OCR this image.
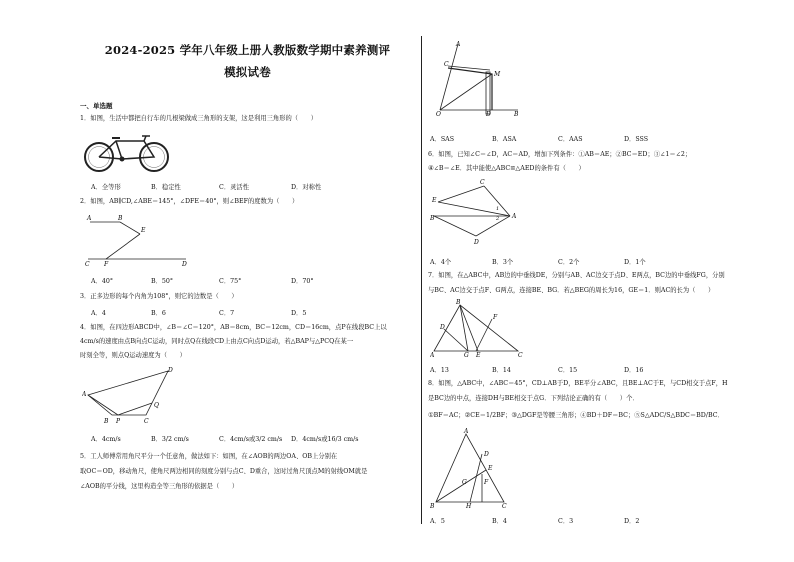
2024-2025 学年八年级上册人教版数学期中素养测评
模拟试卷
一、单选题
1．如图，生活中都把自行车的几根梁做成三角形的支架，这是利用三角形的（　　）
A．全等形	B．稳定性	C．灵活性	D．对称性
2．如图，AB∥CD,∠ABE＝145°，∠DFE＝40°，则∠BEF的度数为（　　）
A	B
E
C F	D
A．40°	B．50°	C．75°	D．70°
3．正多边形的每个内角为108°，则它的边数是（　　）
A．4	B．6	C．7	D．5
4．如图，在四边形ABCD中，∠B＝∠C＝120°，AB＝8cm，BC＝12cm，CD＝16cm，点P在线段BC上以
4cm/s的速度由点B向点C运动，同时点Q在线段CD上由点C向点D运动，若△BAP与△PCQ在某一
时刻全等，则点Q运动速度为（　　）
A
B P	C
Q
D
A．4cm/s	B．3/2 cm/s	C．4cm/s或3/2 cm/s	D．4cm/s或16/3 cm/s
5．工人师傅常用角尺平分一个任意角，做法如下：如图，在∠AOB的两边OA、OB上分别在
取OC＝OD，移动角尺，使角尺两边相同的刻度分别与点C、D重合，这时过角尺顶点M的射线OM就是
∠AOB的平分线，这里构造全等三角形的依据是（　　）
A
C
M
O	D	B
A．SAS	B．ASA	C．AAS	D．SSS
6．如图，已知∠C＝∠D，AC＝AD，增加下列条件：①AB＝AE；②BC＝ED；③∠1＝∠2；
④∠B＝∠E．其中能使△ABC≌△AED的条件有（　　）
C
E
B	A
D
1
2
A．4个	B．3个	C．2个	D．1个
7．如图，在△ABC中，AB边的中垂线DE，分别与AB、AC边交于点D、E两点，BC边的中垂线FG，分别
与BC、AC边交于点F、G两点，连接BE、BG．若△BEG的周长为16，GE＝1．则AC的长为（　　）
B
D
A	G E
F
C
A．13	B．14	C．15	D．16
8．如图，△ABC中，∠ABC＝45°，CD⊥AB于D，BE平分∠ABC，且BE⊥AC于E，与CD相交于点F，H
是BC边的中点，连接DH与BE相交于点G．下列结论正确的有（　　）个．
①BF＝AC；②CE＝1/2BF；③△DGF是等腰三角形；④BD＋DF＝BC；⑤S△ADC/S△BDC＝BD/BC．
A
D
E
G	F
B	H	C
A．5	B．4	C．3	D．2
